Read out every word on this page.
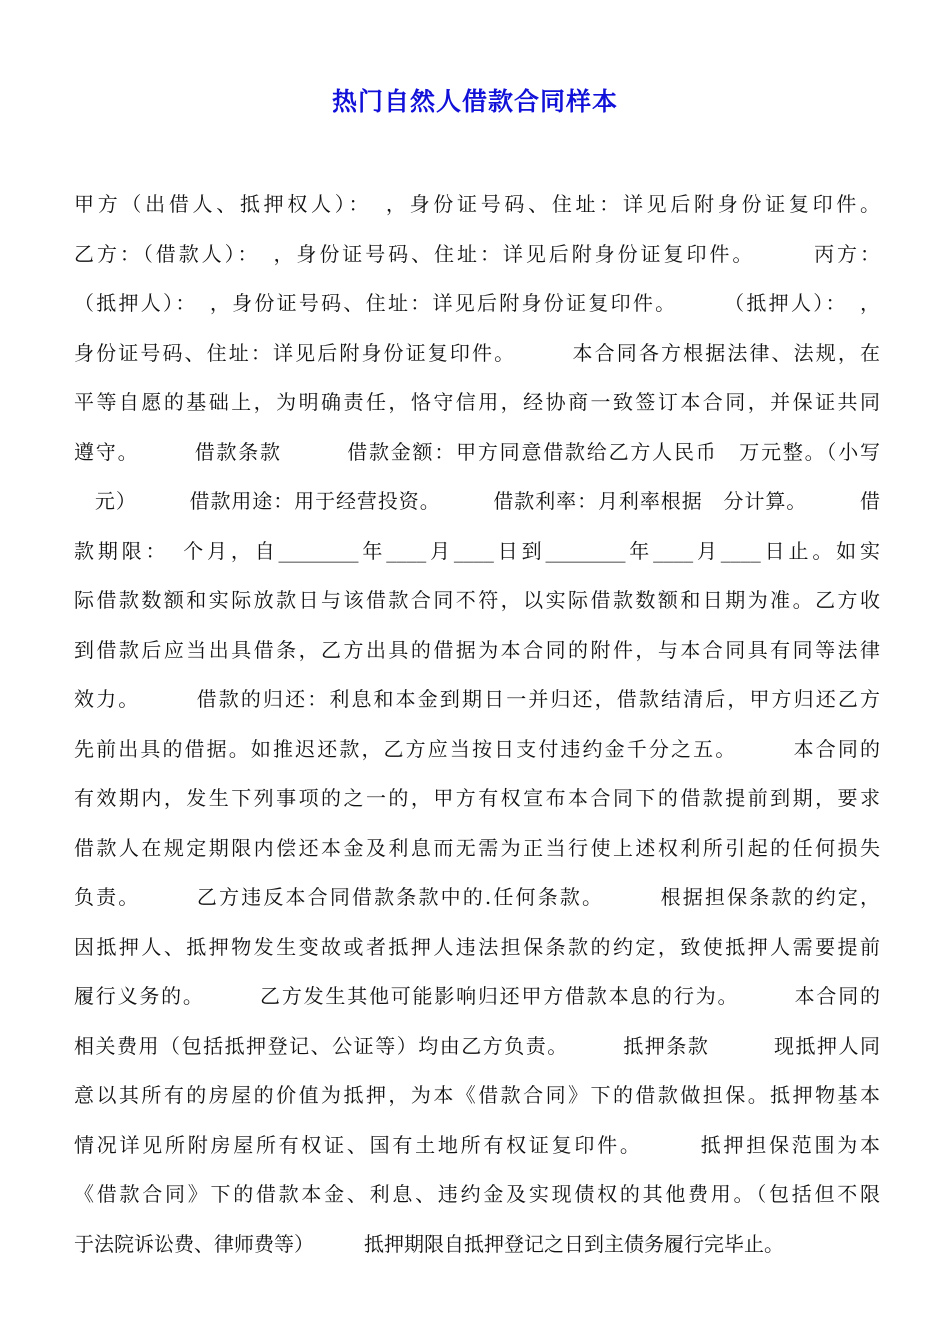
热门自然人借款合同样本
甲方（出借人、抵押权人）：　，身份证号码、住址：详见后附身份证复印件。
乙方：（借款人）：　，身份证号码、住址：详见后附身份证复印件。　　　丙方：
（抵押人）：　，身份证号码、住址：详见后附身份证复印件。　　　（抵押人）：　，
身份证号码、住址：详见后附身份证复印件。　　　本合同各方根据法律、法规，在
平等自愿的基础上，为明确责任，恪守信用，经协商一致签订本合同，并保证共同
遵守。　　　借款条款　　　借款金额：甲方同意借款给乙方人民币　万元整。（小写
　元）　　　借款用途：用于经营投资。　　　借款利率：月利率根据　分计算。　　　借
款期限：　个月，自________年____月____日到________年____月____日止。如实
际借款数额和实际放款日与该借款合同不符，以实际借款数额和日期为准。乙方收
到借款后应当出具借条，乙方出具的借据为本合同的附件，与本合同具有同等法律
效力。　　　借款的归还：利息和本金到期日一并归还，借款结清后，甲方归还乙方
先前出具的借据。如推迟还款，乙方应当按日支付违约金千分之五。　　　本合同的
有效期内，发生下列事项的之一的，甲方有权宣布本合同下的借款提前到期，要求
借款人在规定期限内偿还本金及利息而无需为正当行使上述权利所引起的任何损失
负责。　　　乙方违反本合同借款条款中的.任何条款。　　　根据担保条款的约定，
因抵押人、抵押物发生变故或者抵押人违法担保条款的约定，致使抵押人需要提前
履行义务的。　　　乙方发生其他可能影响归还甲方借款本息的行为。　　　本合同的
相关费用（包括抵押登记、公证等）均由乙方负责。　　　抵押条款　　　现抵押人同
意以其所有的房屋的价值为抵押，为本《借款合同》下的借款做担保。抵押物基本
情况详见所附房屋所有权证、国有土地所有权证复印件。　　　抵押担保范围为本
《借款合同》下的借款本金、利息、违约金及实现债权的其他费用。（包括但不限
于法院诉讼费、律师费等）　　　抵押期限自抵押登记之日到主债务履行完毕止。
